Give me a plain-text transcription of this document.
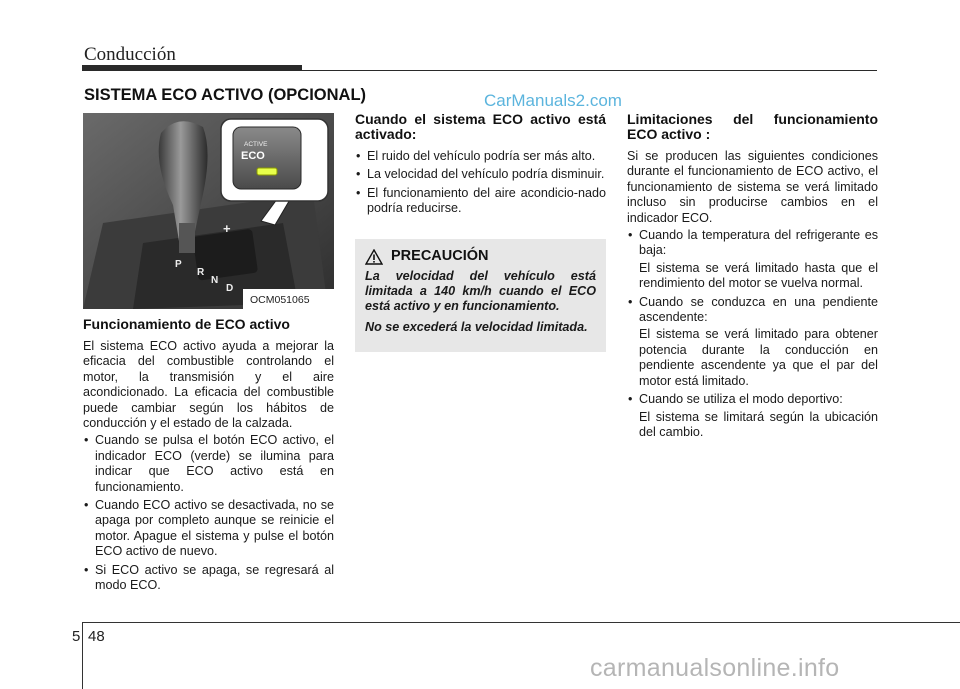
Conducción
SISTEMA ECO ACTIVO (OPCIONAL)	CarManuals2.com
P
R
N
D
+
ACTIVE
ECO
OCM051065
Funcionamiento de ECO activo

El sistema ECO activo ayuda a mejorar la eficacia del combustible controlando el motor, la transmisión y el aire acondicionado. La eficacia del combustible puede cambiar según los hábitos de conducción y el estado de la calzada.

• Cuando se pulsa el botón ECO activo, el indicador ECO (verde) se ilumina para indicar que ECO activo está en funcionamiento.
• Cuando ECO activo se desactivada, no se apaga por completo aunque se reinicie el motor. Apague el sistema y pulse el botón ECO activo de nuevo.
• Si ECO activo se apaga, se regresará al modo ECO.
Cuando el sistema ECO activo está activado:
• El ruido del vehículo podría ser más alto.
• La velocidad del vehículo podría disminuir.
• El funcionamiento del aire acondicio-nado podría reducirse.
PRECAUCIÓN

La velocidad del vehículo está limitada a 140 km/h cuando el ECO está activo y en funcionamiento.

No se excederá la velocidad limitada.

Limitaciones del funcionamiento ECO activo :

Si se producen las siguientes condiciones durante el funcionamiento de ECO activo, el funcionamiento de sistema se verá limitado incluso sin producirse cambios en el indicador ECO.

• Cuando la temperatura del refrigerante es baja:
El sistema se verá limitado hasta que el rendimiento del motor se vuelva normal.
• Cuando se conduzca en una pendiente ascendente:
El sistema se verá limitado para obtener potencia durante la conducción en pendiente ascendente ya que el par del motor está limitado.
• Cuando se utiliza el modo deportivo:
El sistema se limitará según la ubicación del cambio.
5 48
carmanualsonline.info
